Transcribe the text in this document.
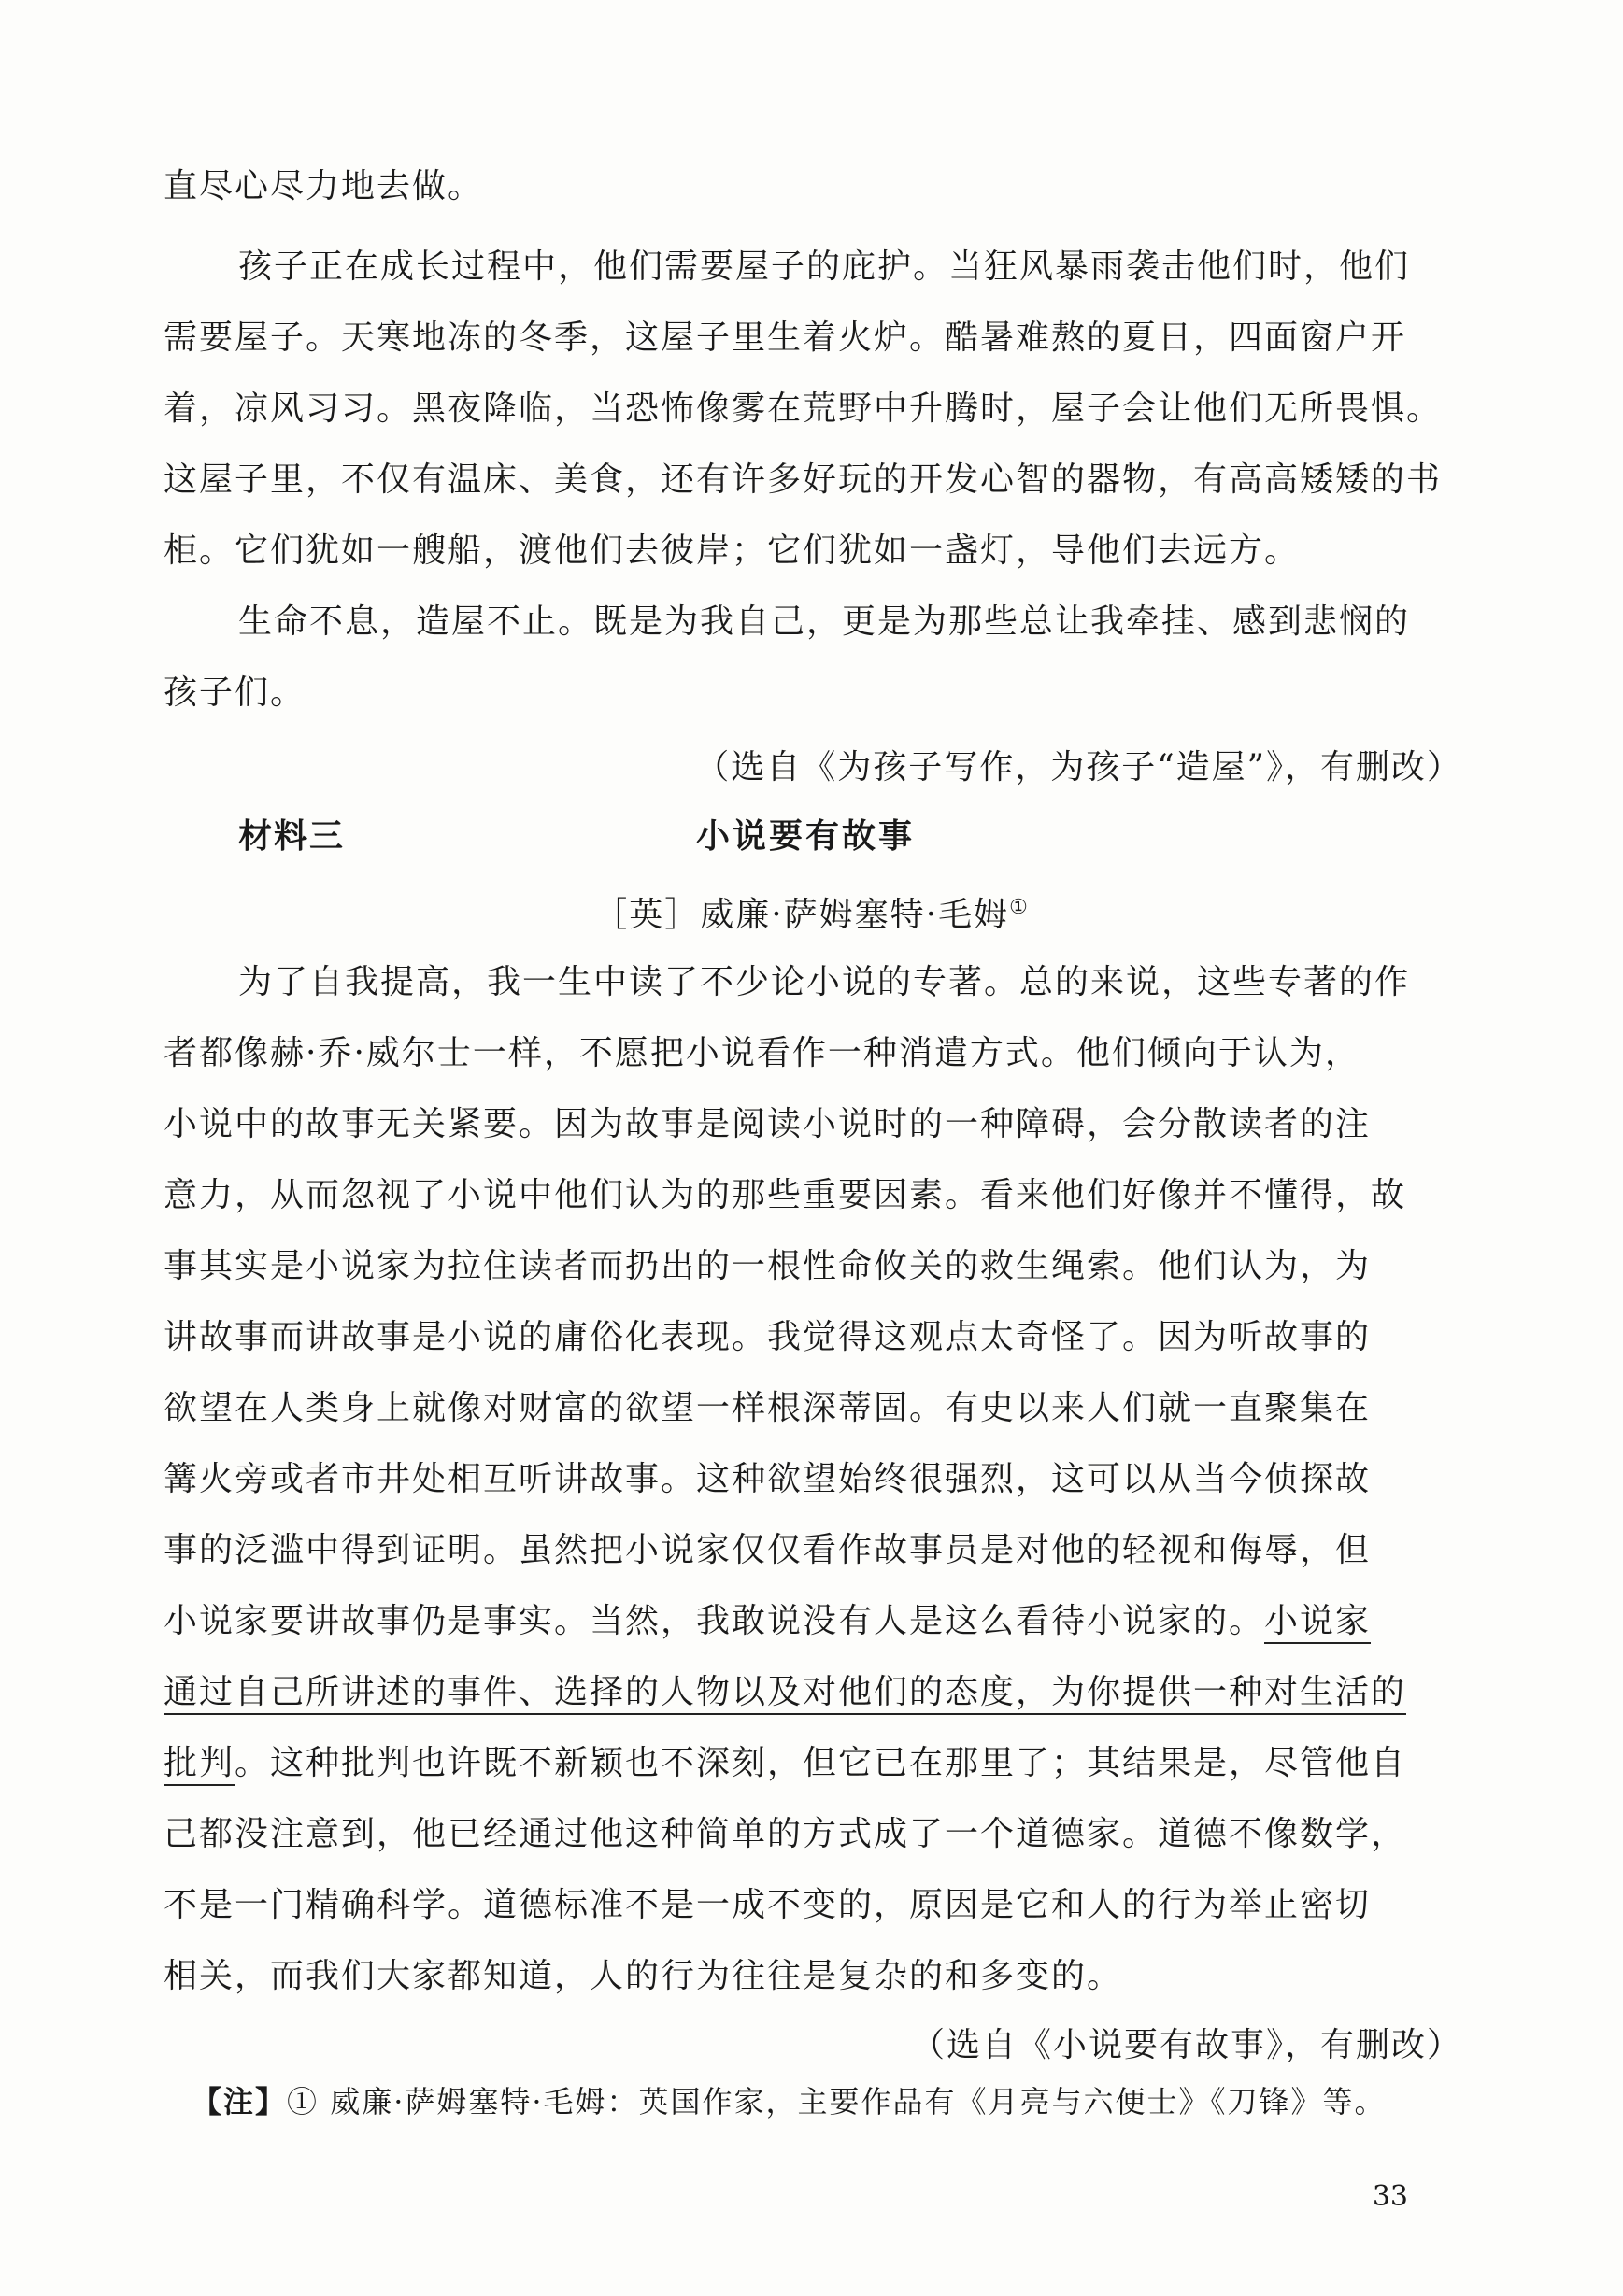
直尽心尽力地去做。
孩子正在成长过程中，他们需要屋子的庇护。当狂风暴雨袭击他们时，他们
需要屋子。天寒地冻的冬季，这屋子里生着火炉。酷暑难熬的夏日，四面窗户开
着，凉风习习。黑夜降临，当恐怖像雾在荒野中升腾时，屋子会让他们无所畏惧。
这屋子里，不仅有温床、美食，还有许多好玩的开发心智的器物，有高高矮矮的书
柜。它们犹如一艘船，渡他们去彼岸；它们犹如一盏灯，导他们去远方。
生命不息，造屋不止。既是为我自己，更是为那些总让我牵挂、感到悲悯的
孩子们。
（选自《为孩子写作，为孩子“造屋”》，有删改）
材料三	小说要有故事
［英］威廉·萨姆塞特·毛姆①
为了自我提高，我一生中读了不少论小说的专著。总的来说，这些专著的作
者都像赫·乔·威尔士一样，不愿把小说看作一种消遣方式。他们倾向于认为，
小说中的故事无关紧要。因为故事是阅读小说时的一种障碍，会分散读者的注
意力，从而忽视了小说中他们认为的那些重要因素。看来他们好像并不懂得，故
事其实是小说家为拉住读者而扔出的一根性命攸关的救生绳索。他们认为，为
讲故事而讲故事是小说的庸俗化表现。我觉得这观点太奇怪了。因为听故事的
欲望在人类身上就像对财富的欲望一样根深蒂固。有史以来人们就一直聚集在
篝火旁或者市井处相互听讲故事。这种欲望始终很强烈，这可以从当今侦探故
事的泛滥中得到证明。虽然把小说家仅仅看作故事员是对他的轻视和侮辱，但
小说家要讲故事仍是事实。当然，我敢说没有人是这么看待小说家的。小说家
通过自己所讲述的事件、选择的人物以及对他们的态度，为你提供一种对生活的
批判。这种批判也许既不新颖也不深刻，但它已在那里了；其结果是，尽管他自
己都没注意到，他已经通过他这种简单的方式成了一个道德家。道德不像数学，
不是一门精确科学。道德标准不是一成不变的，原因是它和人的行为举止密切
相关，而我们大家都知道，人的行为往往是复杂的和多变的。
（选自《小说要有故事》，有删改）
【注】① 威廉·萨姆塞特·毛姆：英国作家，主要作品有《月亮与六便士》《刀锋》等。
33
